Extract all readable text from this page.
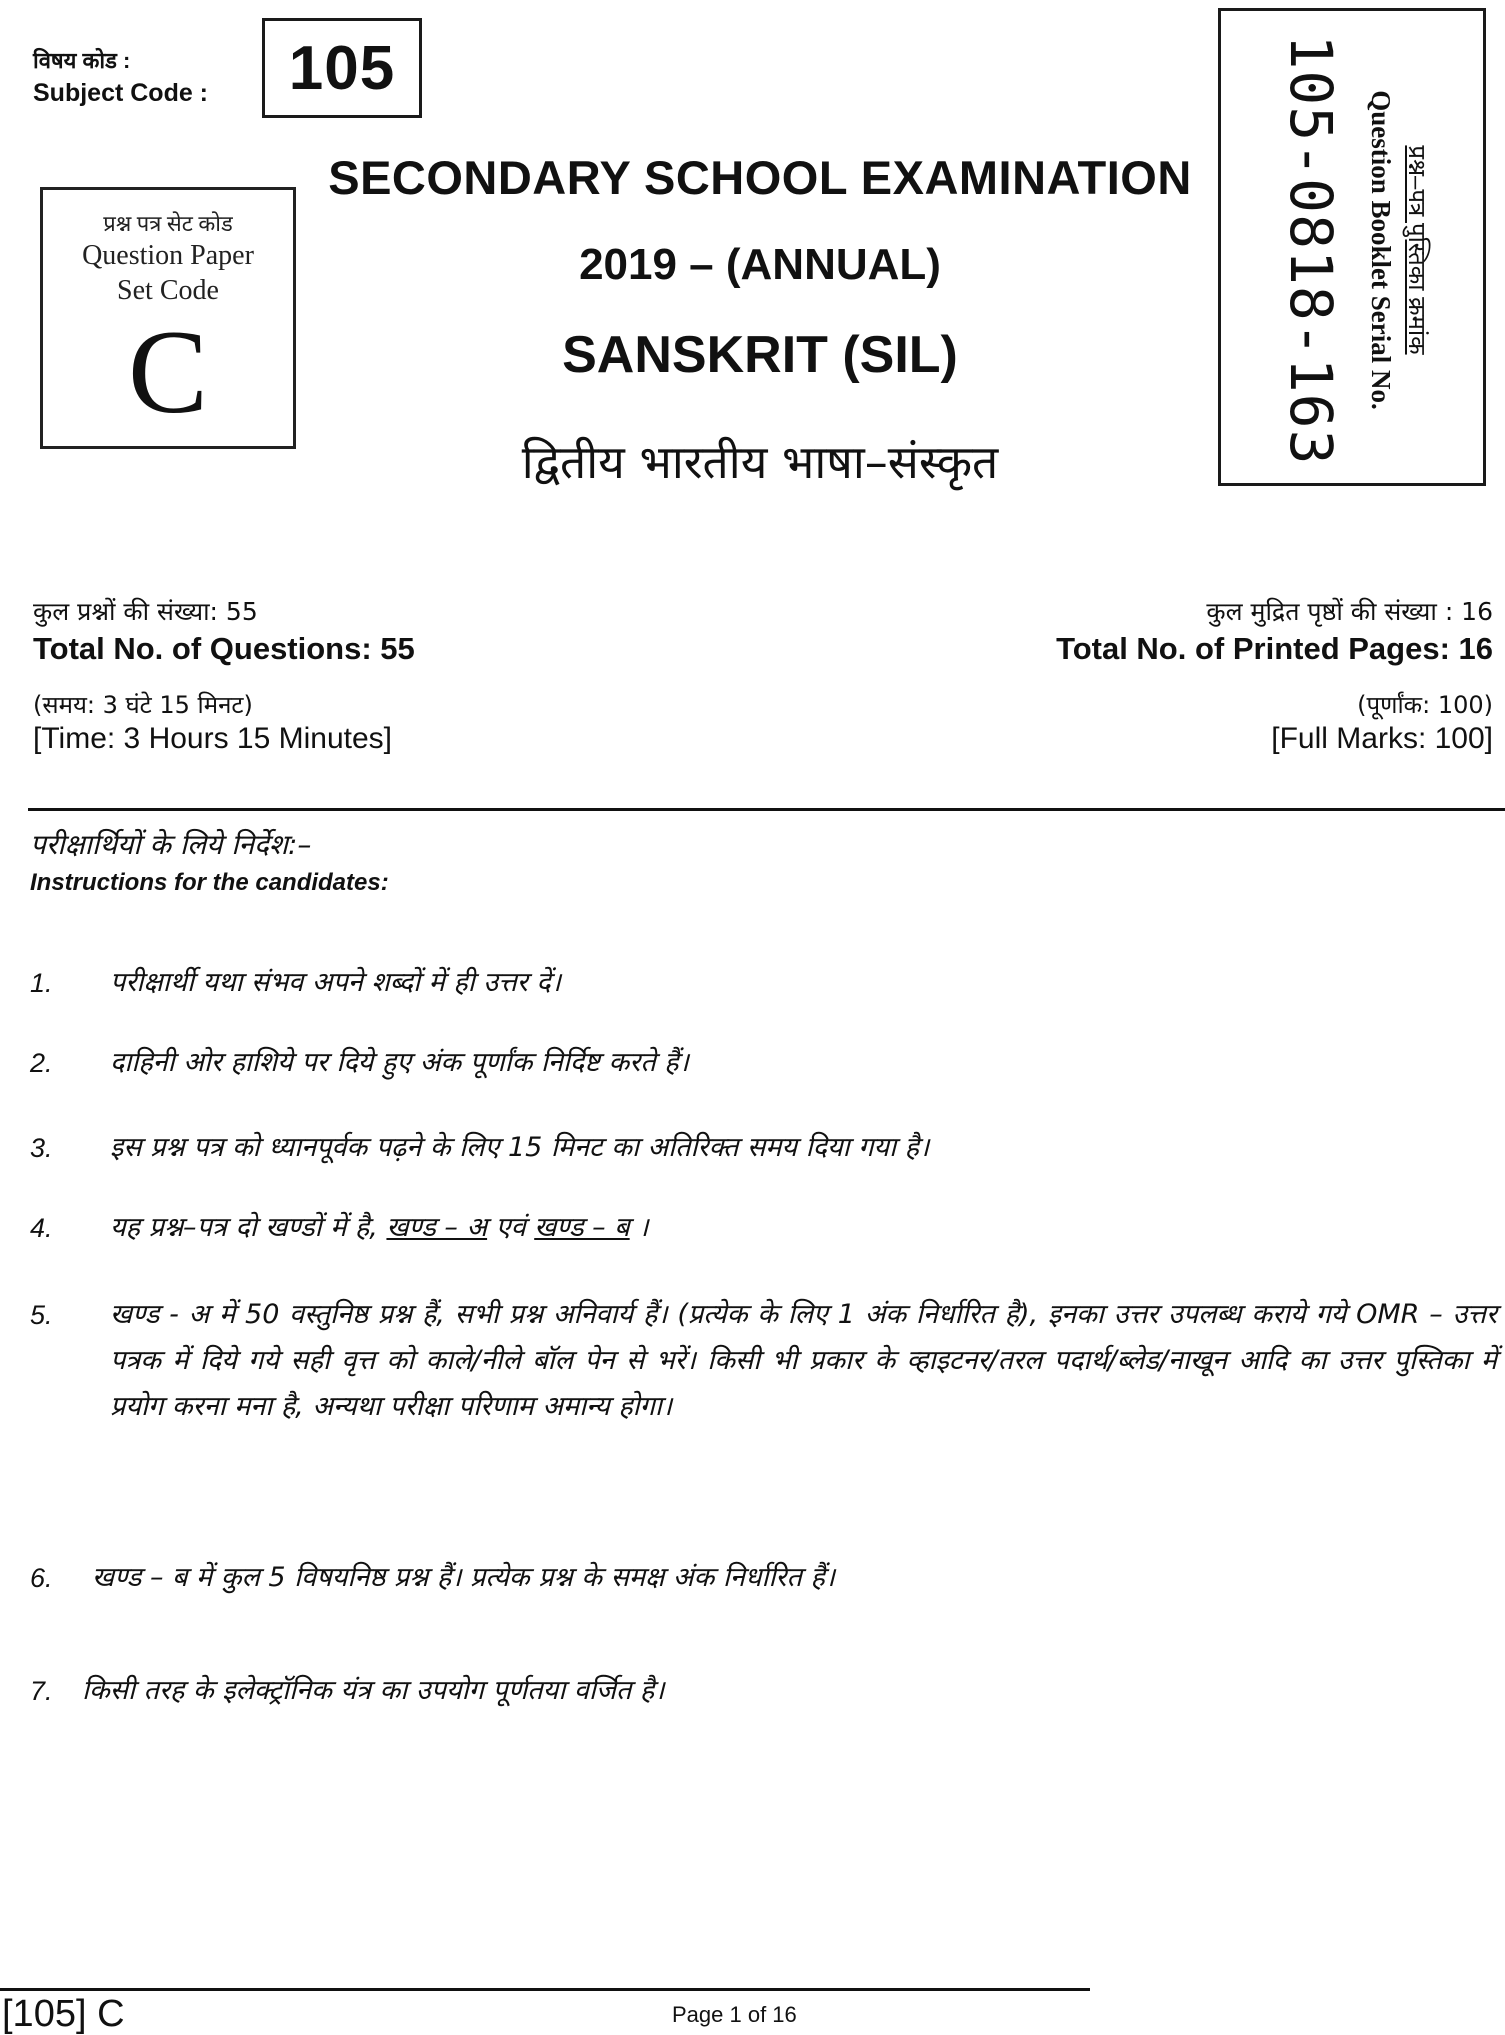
विषय कोड :
Subject Code :	105
प्रश्न पत्र सेट कोड
Question Paper
Set Code
C
SECONDARY SCHOOL EXAMINATION
2019 – (ANNUAL)
SANSKRIT (SIL)
द्वितीय भारतीय भाषा–संस्कृत
प्रश्न–पत्र पुस्तिका क्रमांक
Question Booklet Serial No.
105-0818-163
कुल प्रश्नों की संख्या: 55
Total No. of Questions: 55
(समय: 3 घंटे 15 मिनट)
[Time: 3 Hours 15 Minutes]
कुल मुद्रित पृष्ठों की संख्या : 16
Total No. of Printed Pages: 16
(पूर्णांक: 100)
[Full Marks: 100]
परीक्षार्थियों के लिये निर्देश:–
Instructions for the candidates:
1.	परीक्षार्थी यथा संभव अपने शब्दों में ही उत्तर दें।
2.	दाहिनी ओर हाशिये पर दिये हुए अंक पूर्णांक निर्दिष्ट करते हैं।
3.	इस प्रश्न पत्र को ध्यानपूर्वक पढ़ने के लिए 15 मिनट का अतिरिक्त समय दिया गया है।
4.	यह प्रश्न–पत्र दो खण्डों में है, खण्ड – अ एवं खण्ड – ब ।
5.	खण्ड - अ में 50 वस्तुनिष्ठ प्रश्न हैं, सभी प्रश्न अनिवार्य हैं। (प्रत्येक के लिए 1 अंक निर्धारित है), इनका उत्तर उपलब्ध कराये गये OMR – उत्तर पत्रक में दिये गये सही वृत्त को काले/नीले बॉल पेन से भरें। किसी भी प्रकार के व्हाइटनर/तरल पदार्थ/ब्लेड/नाखून आदि का उत्तर पुस्तिका में प्रयोग करना मना है, अन्यथा परीक्षा परिणाम अमान्य होगा।
6.	खण्ड – ब में कुल 5 विषयनिष्ठ प्रश्न हैं। प्रत्येक प्रश्न के समक्ष अंक निर्धारित हैं।
7.	किसी तरह के इलेक्ट्रॉनिक यंत्र का उपयोग पूर्णतया वर्जित है।
[105] C	Page 1 of 16
